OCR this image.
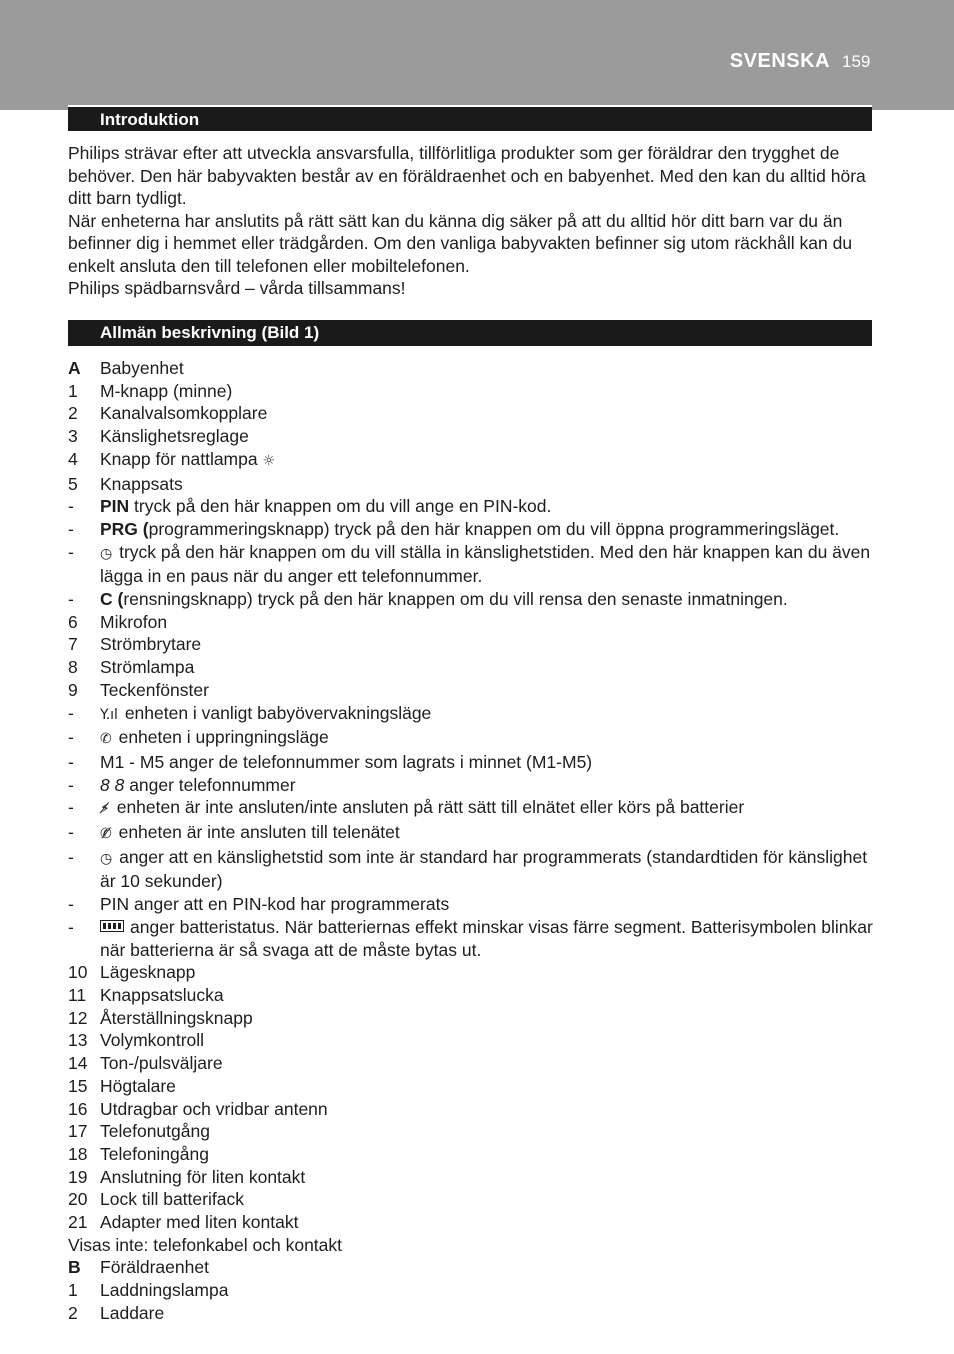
SVENSKA 159
Introduktion
Philips strävar efter att utveckla ansvarsfulla, tillförlitliga produkter som ger föräldrar den trygghet de behöver. Den här babyvakten består av en föräldraenhet och en babyenhet. Med den kan du alltid höra ditt barn tydligt.
När enheterna har anslutits på rätt sätt kan du känna dig säker på att du alltid hör ditt barn var du än befinner dig i hemmet eller trädgården. Om den vanliga babyvakten befinner sig utom räckhåll kan du enkelt ansluta den till telefonen eller mobiltelefonen.
Philips spädbarnsvård – vårda tillsammans!
Allmän beskrivning (Bild 1)
A	Babyenhet
1	M-knapp (minne)
2	Kanalvalsomkopplare
3	Känslighetsreglage
4	Knapp för nattlampa ☼
5	Knappsats
-	PIN tryck på den här knappen om du vill ange en PIN-kod.
-	PRG (programmeringsknapp) tryck på den här knappen om du vill öppna programmeringsläget.
-	◷ tryck på den här knappen om du vill ställa in känslighetstiden. Med den här knappen kan du även lägga in en paus när du anger ett telefonnummer.
-	C (rensningsknapp) tryck på den här knappen om du vill rensa den senaste inmatningen.
6	Mikrofon
7	Strömbrytare
8	Strömlampa
9	Teckenfönster
-	Y.ıl enheten i vanligt babyövervakningsläge
-	✆ enheten i uppringningsläge
-	M1 - M5 anger de telefonnummer som lagrats i minnet (M1-M5)
-	8 8 anger telefonnummer
-	⚡̸ enheten är inte ansluten/inte ansluten på rätt sätt till elnätet eller körs på batterier
-	✆̸ enheten är inte ansluten till telenätet
-	◷ anger att en känslighetstid som inte är standard har programmerats (standardtiden för känslighet är 10 sekunder)
-	PIN anger att en PIN-kod har programmerats
-	anger batteristatus. När batteriernas effekt minskar visas färre segment. Batterisymbolen blinkar när batterierna är så svaga att de måste bytas ut.
10 Lägesknapp
11 Knappsatslucka
12 Återställningsknapp
13 Volymkontroll
14 Ton-/pulsväljare
15 Högtalare
16 Utdragbar och vridbar antenn
17 Telefonutgång
18 Telefoningång
19 Anslutning för liten kontakt
20 Lock till batterifack
21 Adapter med liten kontakt
Visas inte: telefonkabel och kontakt
B	Föräldraenhet
1	Laddningslampa
2	Laddare
